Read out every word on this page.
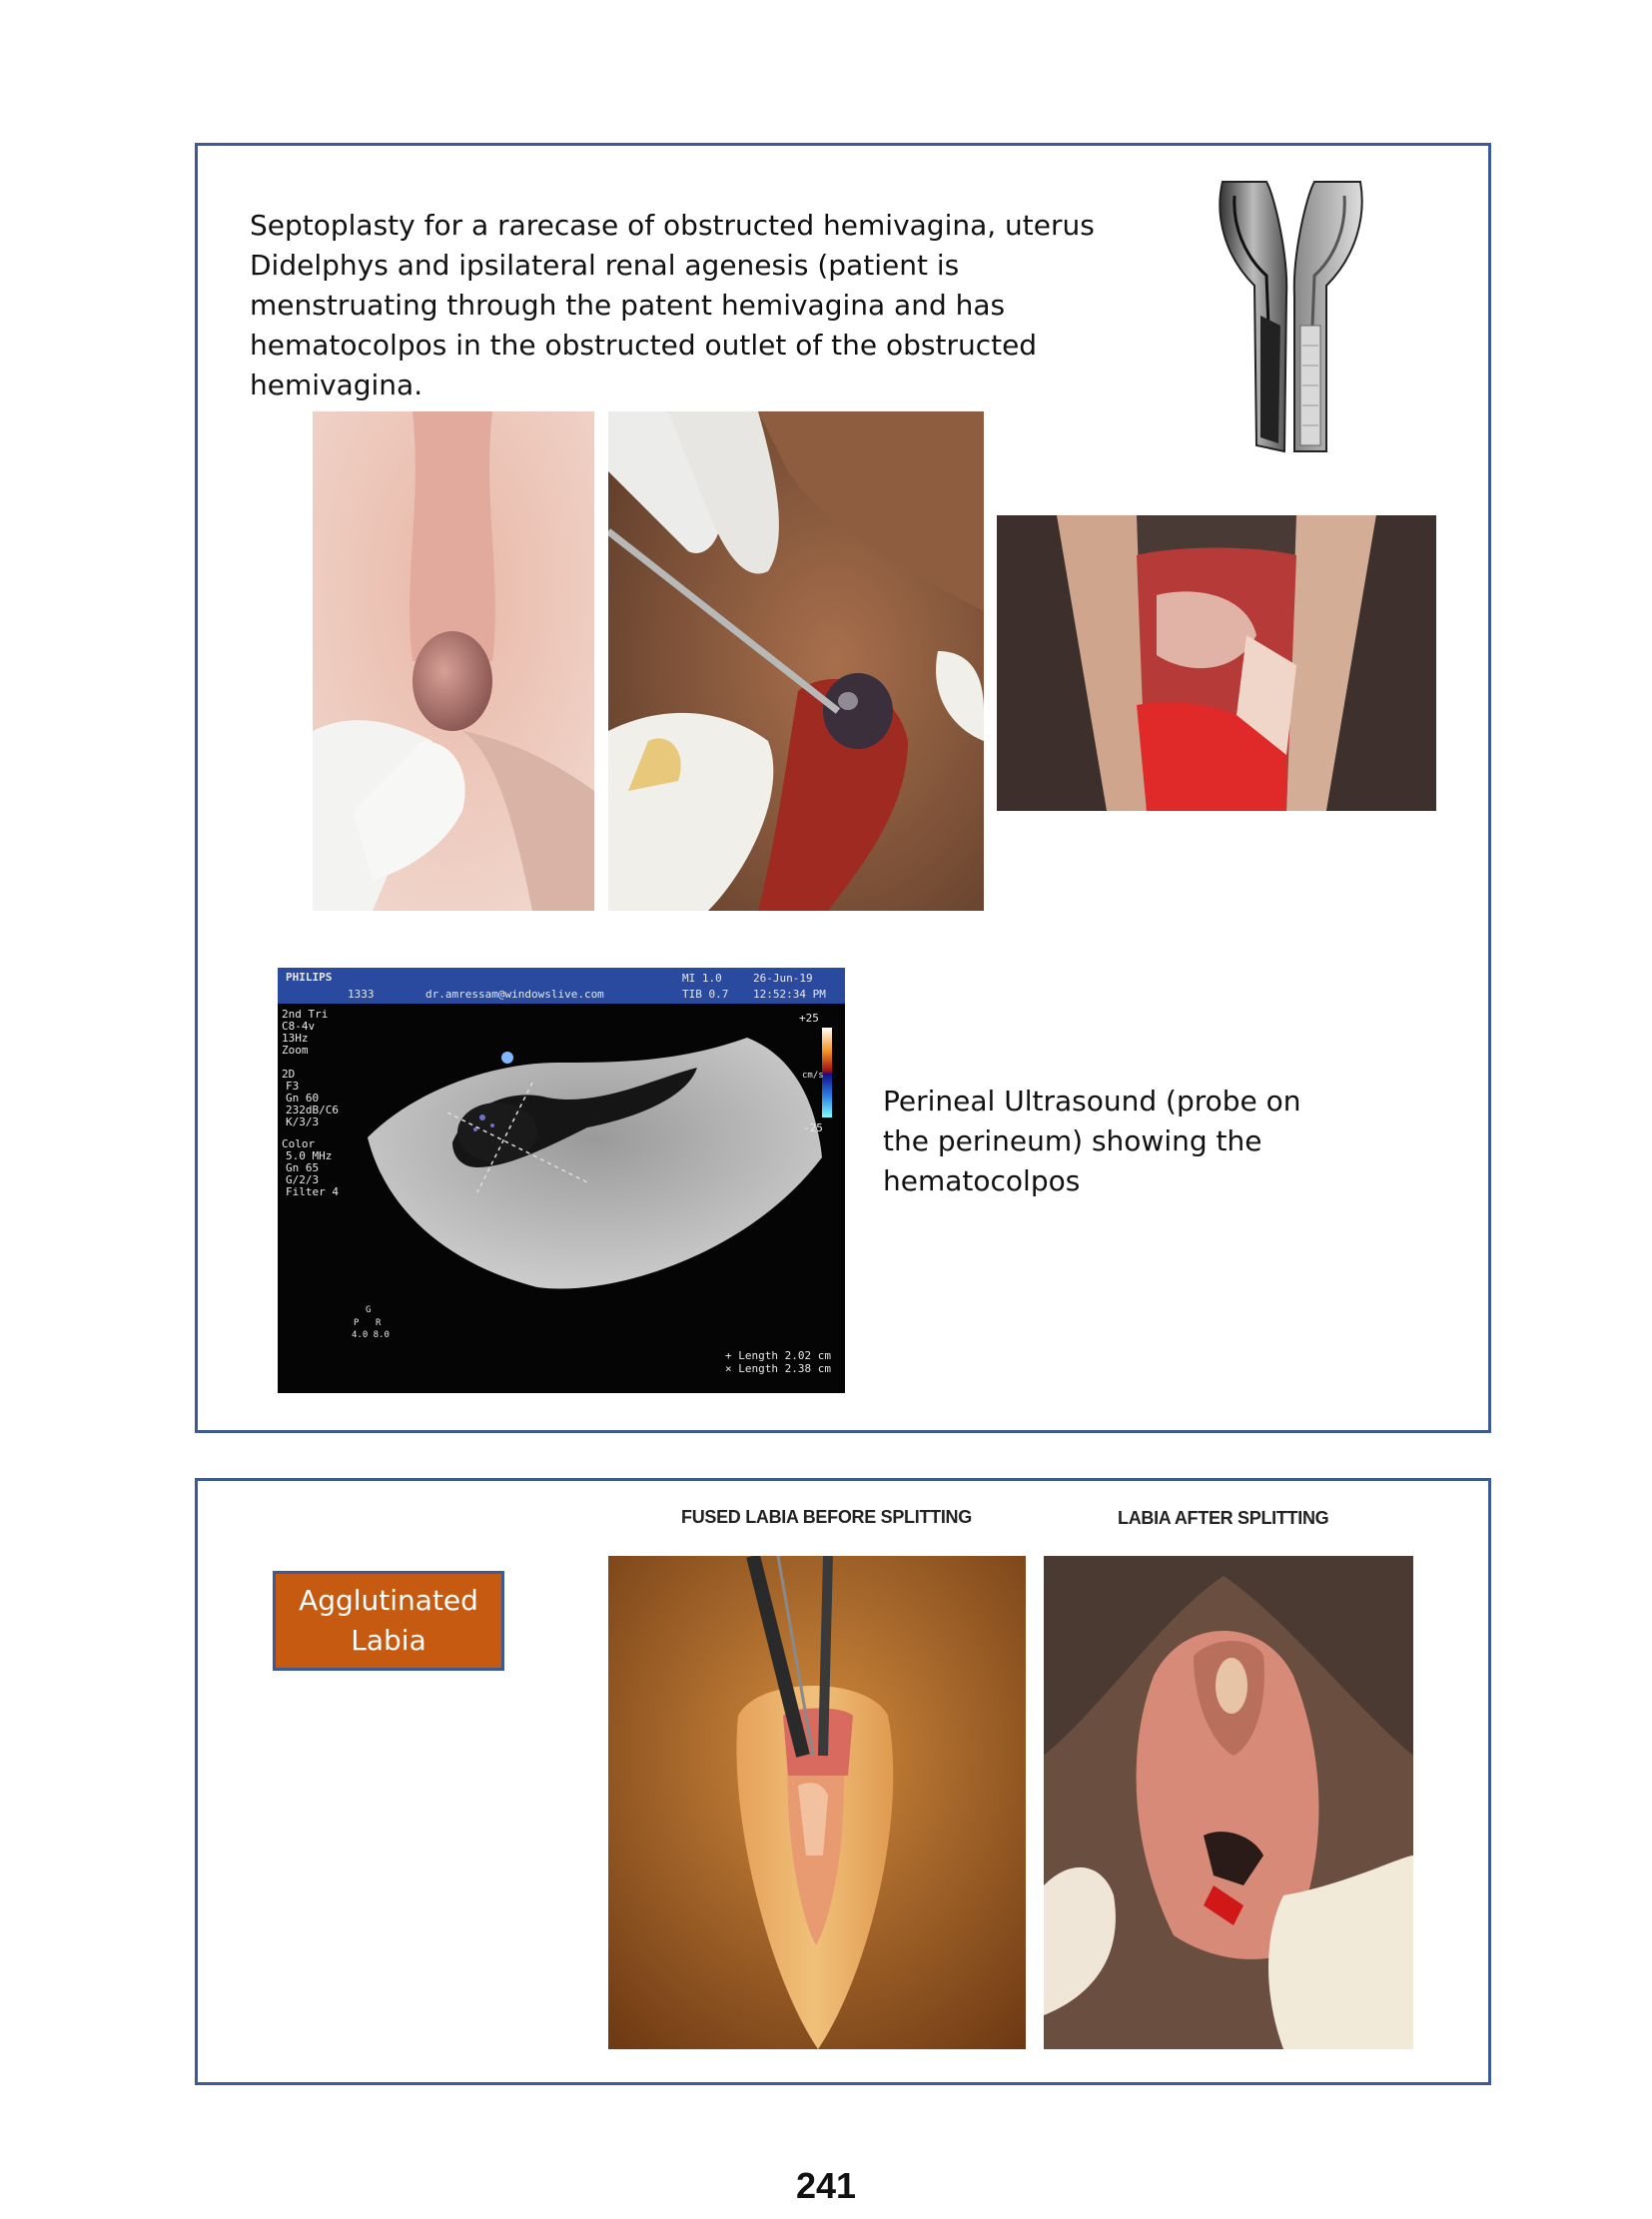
Septoplasty for a rarecase of obstructed hemivagina, uterus Didelphys and ipsilateral renal agenesis (patient is menstruating through the patent hemivagina and has hematocolpos in the obstructed outlet of the obstructed hemivagina.
PHILIPS
1333	dr.amressam@windowslive.com
MI 1.0
TIB 0.7
26-Jun-19
12:52:34 PM
2nd Tri
C8-4v
13Hz
Zoom
2D
F3
Gn 60
232dB/C6
K/3/3
Color
5.0 MHz
Gn 65
G/2/3
Filter 4
+25
cm/s
-25
G
P R
4.0 8.0
+ Length 2.02 cm
× Length 2.38 cm
Perineal Ultrasound (probe on the perineum) showing the hematocolpos
Agglutinated Labia
FUSED LABIA BEFORE SPLITTING	LABIA AFTER SPLITTING
241
